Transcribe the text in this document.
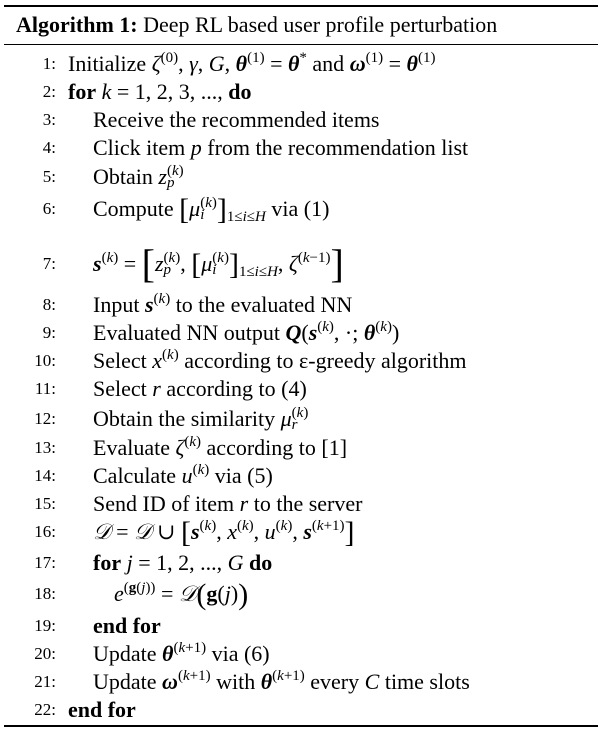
Algorithm 1: Deep RL based user profile perturbation
1: Initialize $\zeta^{(0)}$, γ, G, $\theta^{(1)} = \theta^*$ and $\omega^{(1)} = \theta^{(1)}$
2: for k = 1, 2, 3, ..., do
3: Receive the recommended items
4: Click item p from the recommendation list
5: Obtain z (k)
p
6: Compute [μ (k)
i ]$_{1\le i\le H}$ via (1)
7: $s^{(k)} = [z$ (k)
p , [μ (k)
i ]$_{1\le i\le H}$, $\zeta^{(k-1)}$]
8: Input $s^{(k)}$ to the evaluated NN
9: Evaluated NN output $Q(s^{(k)}$, ·; $\theta^{(k)}$)
10: Select $x^{(k)}$ according to ε-greedy algorithm
11: Select r according to (4)
12: Obtain the similarity μ (k)
r
13: Evaluate $\zeta^{(k)}$ according to [1]
14: Calculate $u^{(k)}$ via (5)
15: Send ID of item r to the server
16: 𝒟 = 𝒟 ∪ [$s^{(k)}$, $x^{(k)}$, $u^{(k)}$, $s^{(k+1)}$]
17: for j = 1, 2, ..., G do
18:	$e^{(g(j))}$ = 𝒟(g(j))
19: end for
20: Update $\theta^{(k+1)}$ via (6)
21: Update $\omega^{(k+1)}$ with $\theta^{(k+1)}$ every C time slots
22: end for
